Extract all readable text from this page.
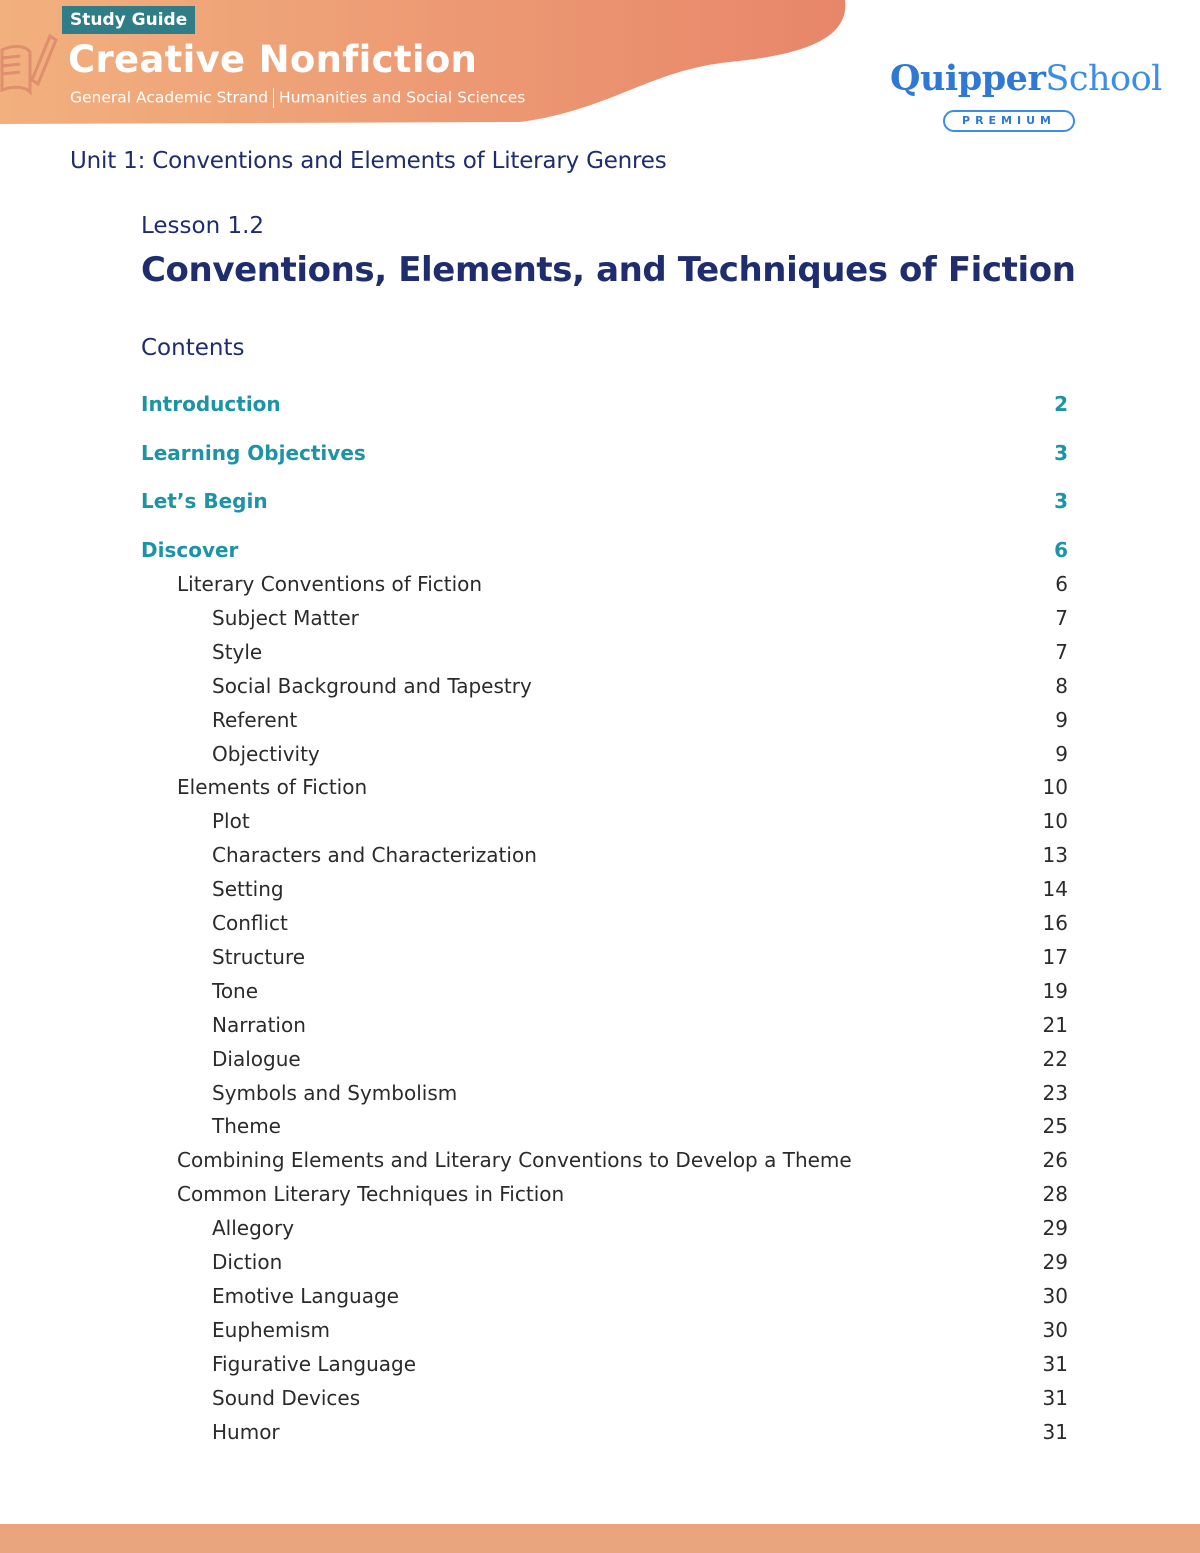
Study Guide
Creative Nonfiction
General Academic Strand Humanities and Social Sciences	QuipperSchool
PREMIUM
Unit 1: Conventions and Elements of Literary Genres
Lesson 1.2
Conventions, Elements, and Techniques of Fiction
Contents
Introduction	2
Learning Objectives	3
Let’s Begin	3
Discover	6
Literary Conventions of Fiction	6
Subject Matter	7
Style	7
Social Background and Tapestry	8
Referent	9
Objectivity	9
Elements of Fiction	10
Plot	10
Characters and Characterization	13
Setting	14
Conflict	16
Structure	17
Tone	19
Narration	21
Dialogue	22
Symbols and Symbolism	23
Theme	25
Combining Elements and Literary Conventions to Develop a Theme	26
Common Literary Techniques in Fiction	28
Allegory	29
Diction	29
Emotive Language	30
Euphemism	30
Figurative Language	31
Sound Devices	31
Humor	31
